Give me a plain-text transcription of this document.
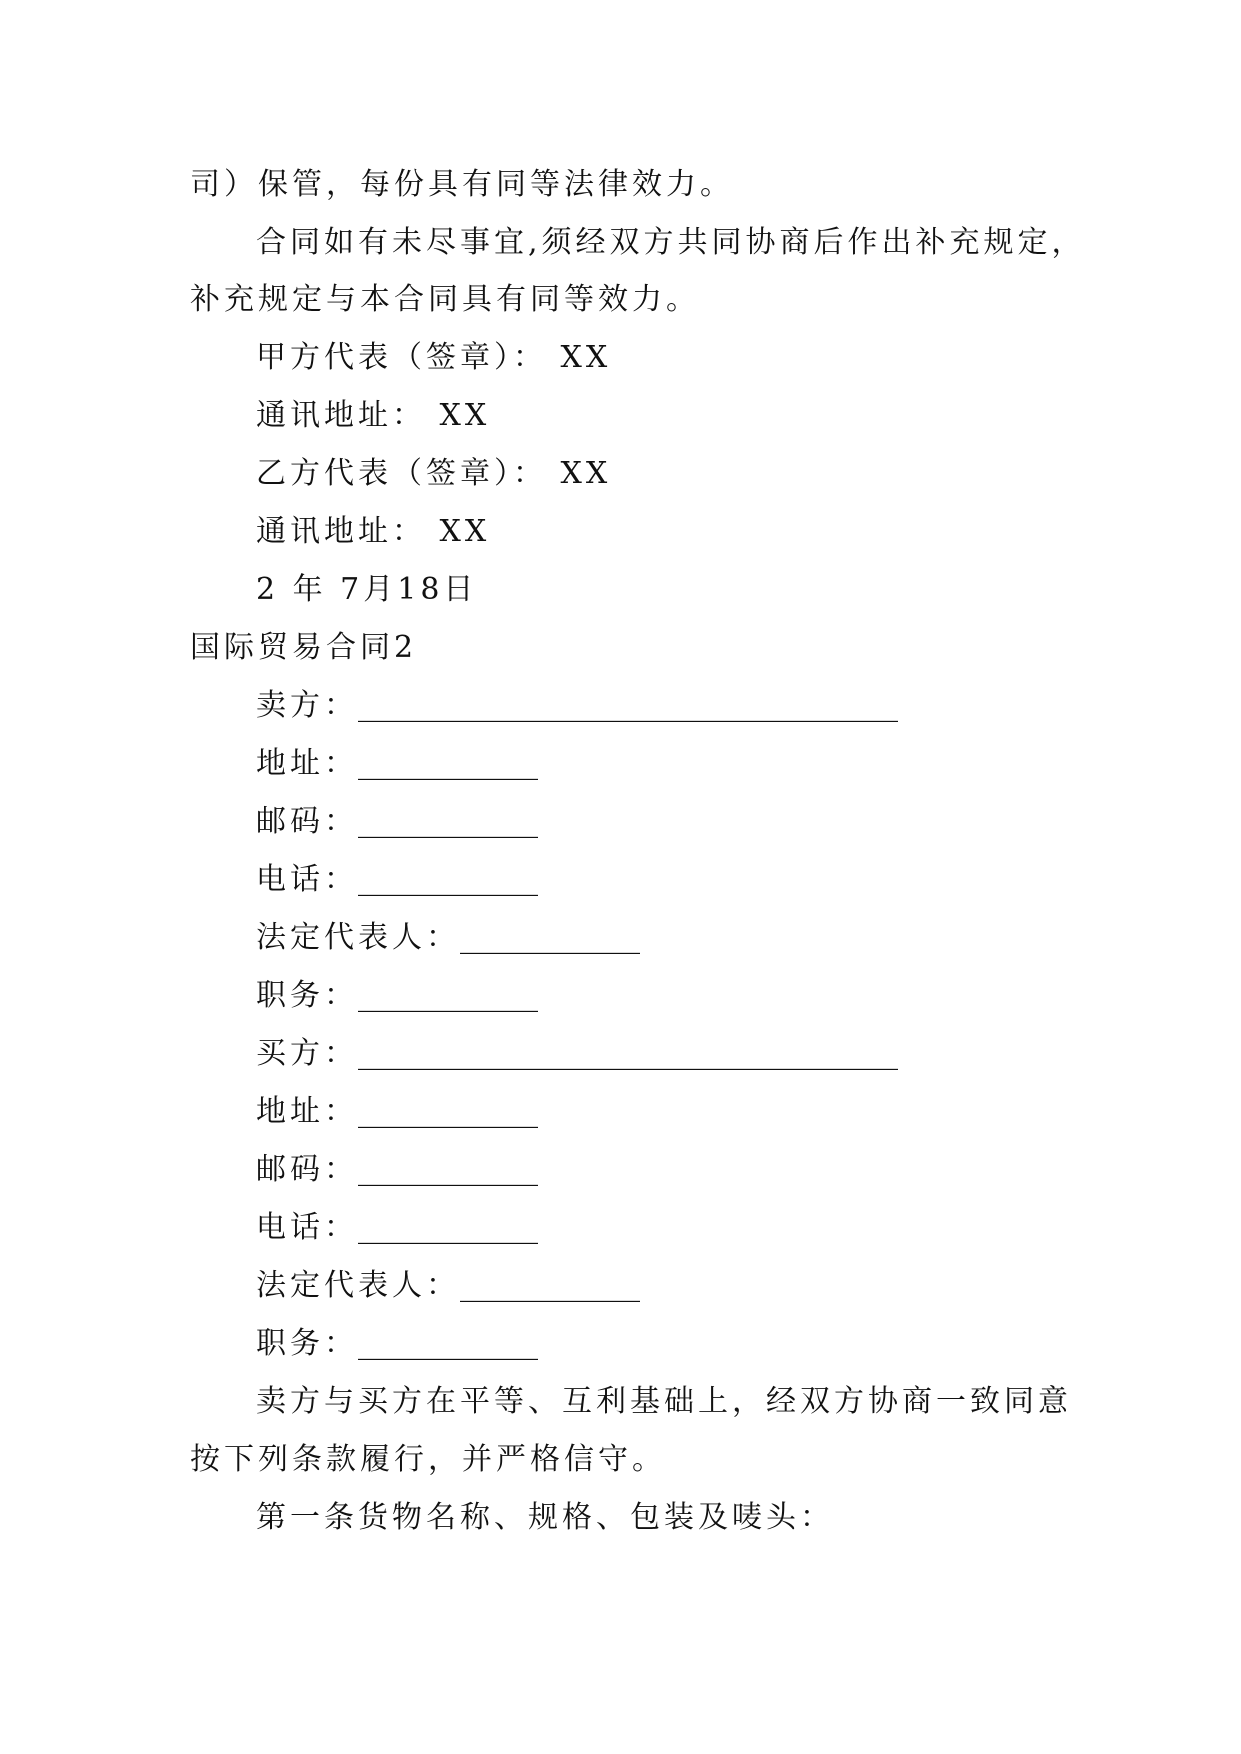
司）保管，每份具有同等法律效力。
合同如有未尽事宜,须经双方共同协商后作出补充规定，
补充规定与本合同具有同等效力。
甲方代表（签章）： XX
通讯地址： XX
乙方代表（签章）： XX
通讯地址： XX
2 年 7月18日
国际贸易合同2
卖方：____________________________________
地址：____________
邮码：____________
电话：____________
法定代表人：____________
职务：____________
买方：____________________________________
地址：____________
邮码：____________
电话：____________
法定代表人：____________
职务：____________
卖方与买方在平等、互利基础上，经双方协商一致同意
按下列条款履行，并严格信守。
第一条货物名称、规格、包装及唛头：
